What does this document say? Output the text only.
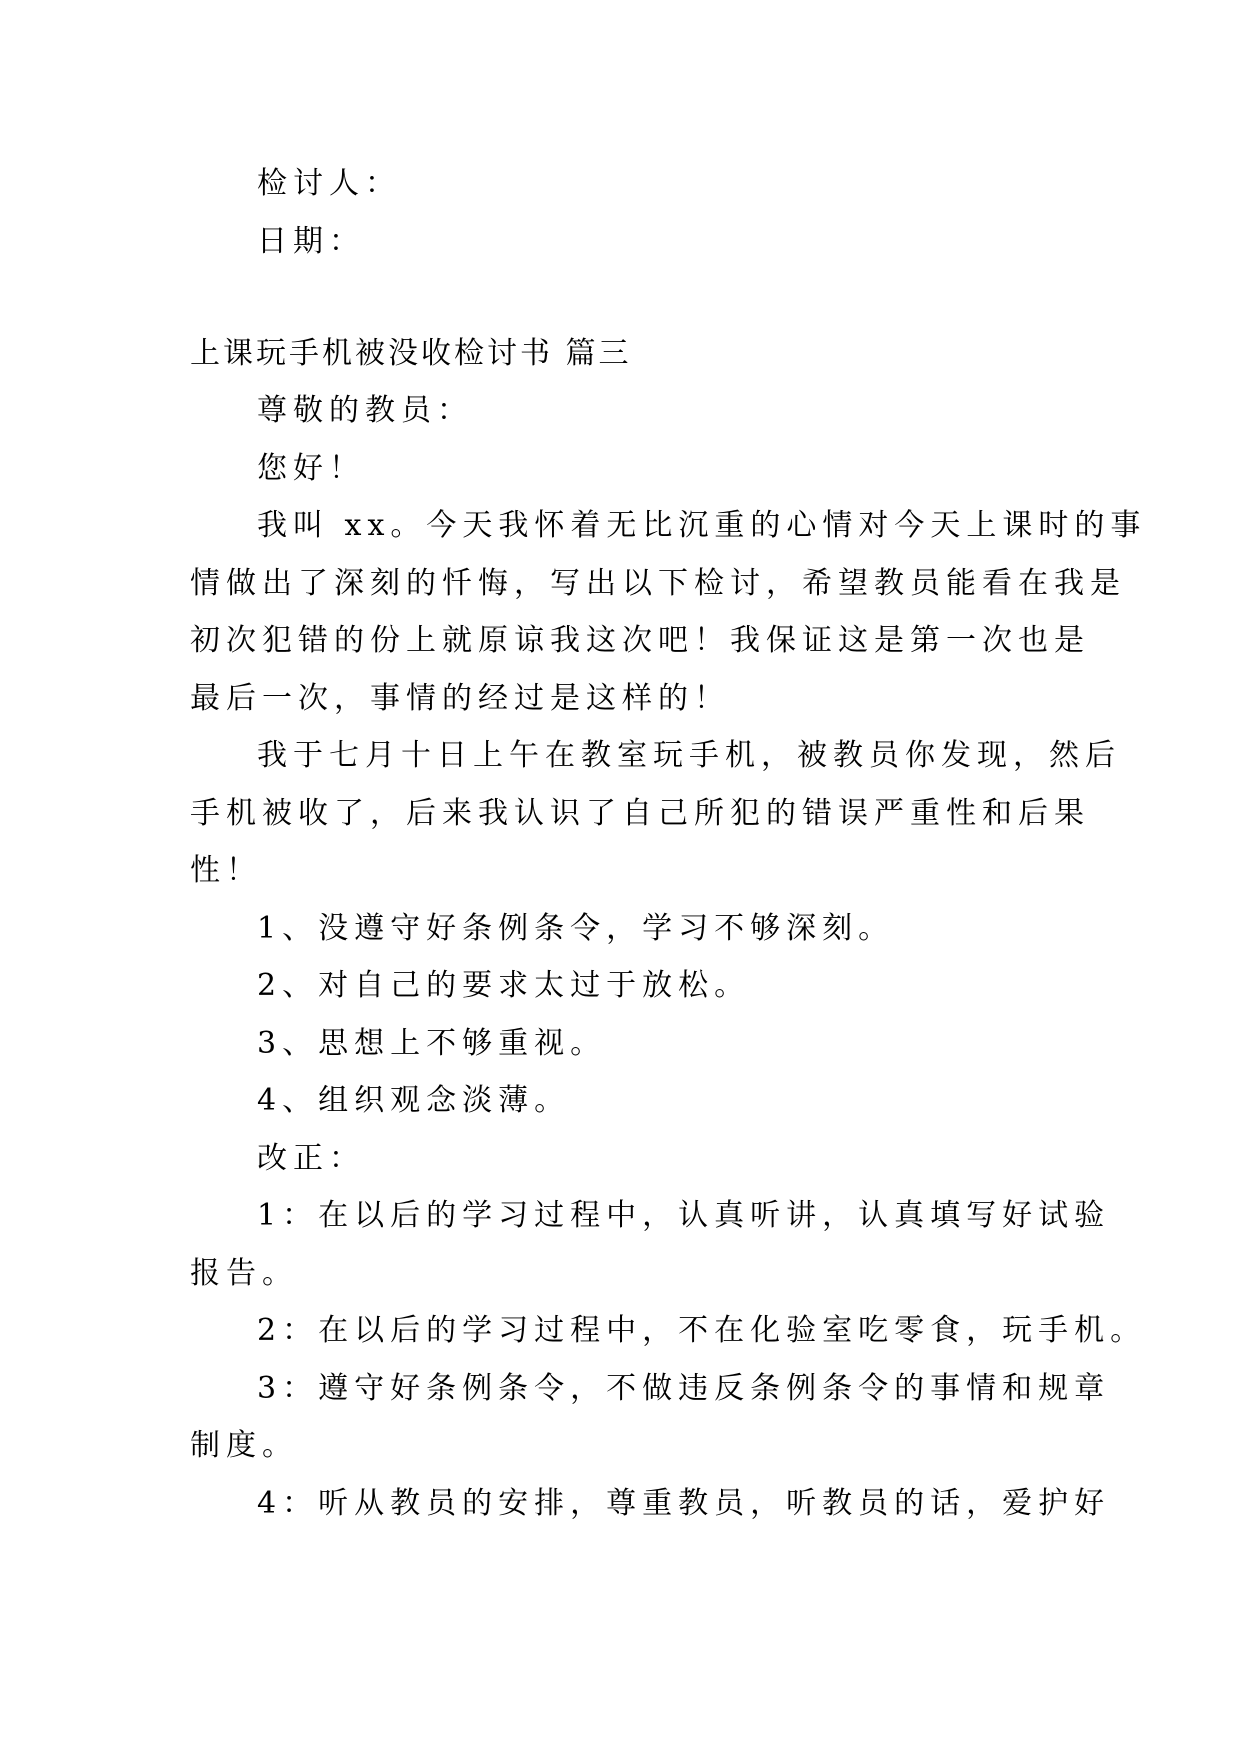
检讨人：
日期：
上课玩手机被没收检讨书 篇三
尊敬的教员：
您好！
我叫 xx。今天我怀着无比沉重的心情对今天上课时的事
情做出了深刻的忏悔，写出以下检讨，希望教员能看在我是
初次犯错的份上就原谅我这次吧！我保证这是第一次也是
最后一次，事情的经过是这样的！
我于七月十日上午在教室玩手机，被教员你发现，然后
手机被收了，后来我认识了自己所犯的错误严重性和后果
性！
1、没遵守好条例条令，学习不够深刻。
2、对自己的要求太过于放松。
3、思想上不够重视。
4、组织观念淡薄。
改正：
1：在以后的学习过程中，认真听讲，认真填写好试验
报告。
2：在以后的学习过程中，不在化验室吃零食，玩手机。
3：遵守好条例条令，不做违反条例条令的事情和规章
制度。
4：听从教员的安排，尊重教员，听教员的话，爱护好
